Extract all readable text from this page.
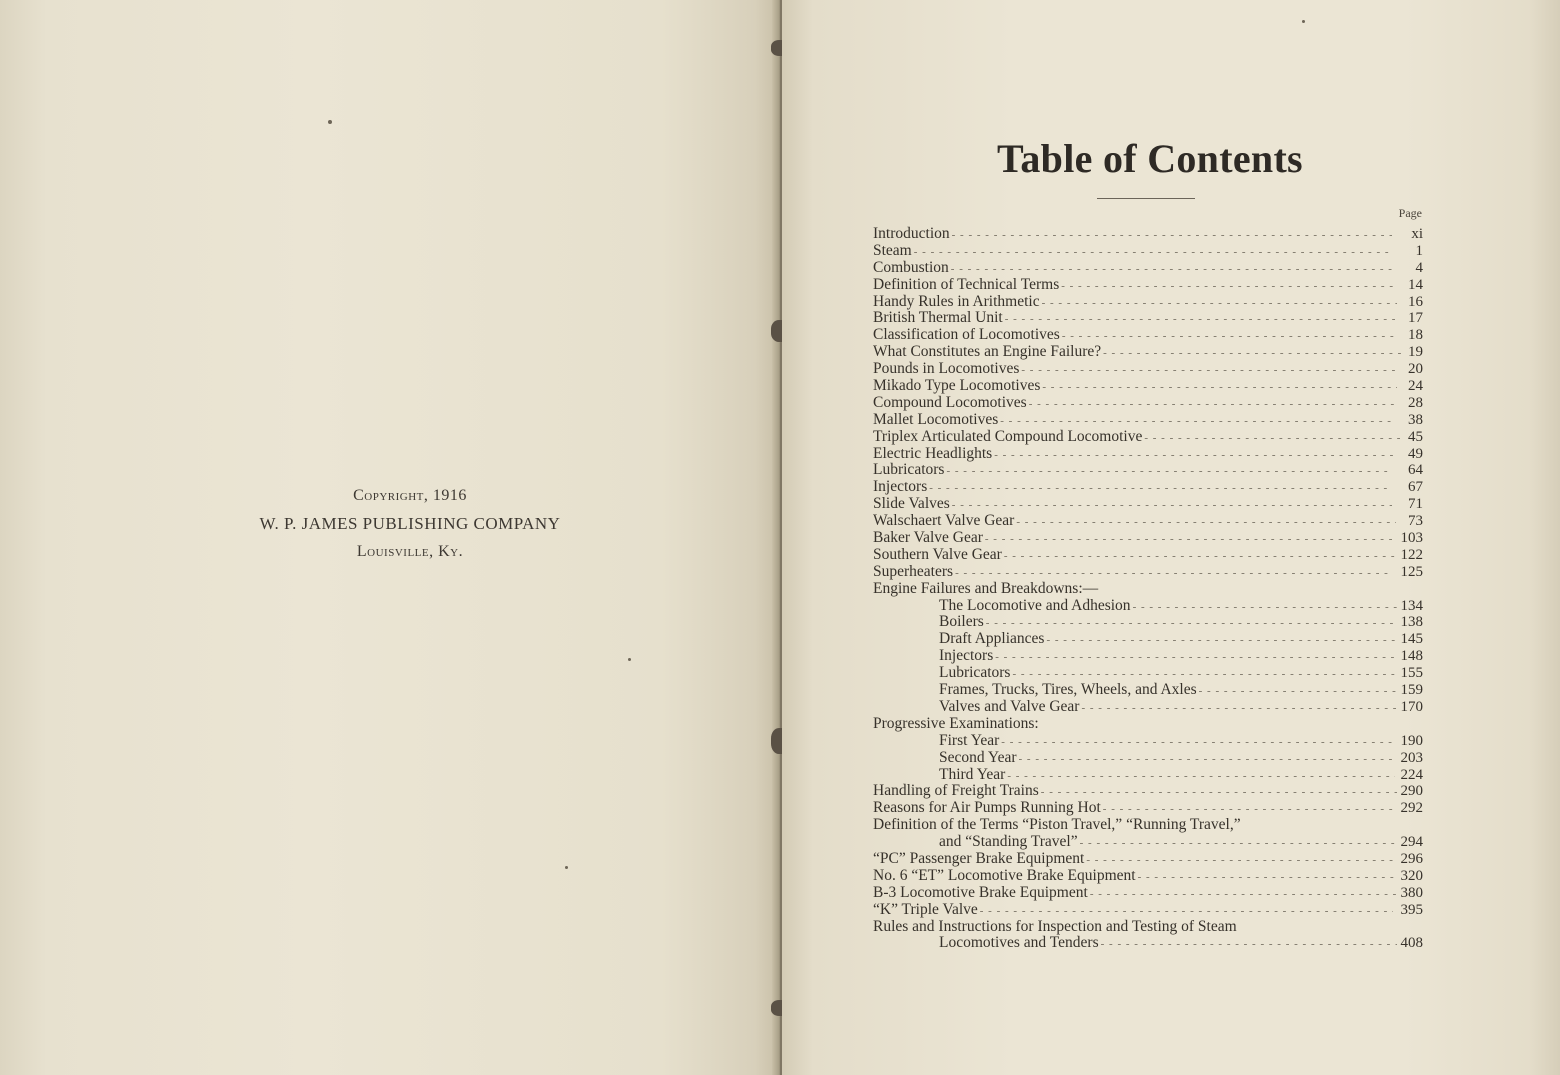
Copyright, 1916
W. P. JAMES PUBLISHING COMPANY
Louisville, Ky.
Table of Contents
Page
Introduction - - -	xi
Steam - - -	1
Combustion - - -	4
Definition of Technical Terms - - -	14
Handy Rules in Arithmetic - - -	16
British Thermal Unit - - -	17
Classification of Locomotives - - -	18
What Constitutes an Engine Failure? - - -	19
Pounds in Locomotives - - -	20
Mikado Type Locomotives - - -	24
Compound Locomotives - - -	28
Mallet Locomotives - - -	38
Triplex Articulated Compound Locomotive - - -	45
Electric Headlights - - -	49
Lubricators - - -	64
Injectors - - -	67
Slide Valves - - -	71
Walschaert Valve Gear - - -	73
Baker Valve Gear - - -	103
Southern Valve Gear - - -	122
Superheaters - - -	125
Engine Failures and Breakdowns:—
The Locomotive and Adhesion - - -	134
Boilers - - -	138
Draft Appliances - - -	145
Injectors - - -	148
Lubricators - - -	155
Frames, Trucks, Tires, Wheels, and Axles - - -	159
Valves and Valve Gear - - -	170
Progressive Examinations:
First Year - - -	190
Second Year - - -	203
Third Year - - -	224
Handling of Freight Trains - - -	290
Reasons for Air Pumps Running Hot - - -	292
Definition of the Terms “Piston Travel,” “Running Travel,”
and “Standing Travel” - - -	294
“PC” Passenger Brake Equipment - - -	296
No. 6 “ET” Locomotive Brake Equipment - - -	320
B-3 Locomotive Brake Equipment - - -	380
“K” Triple Valve - - -	395
Rules and Instructions for Inspection and Testing of Steam
Locomotives and Tenders - - -	408
